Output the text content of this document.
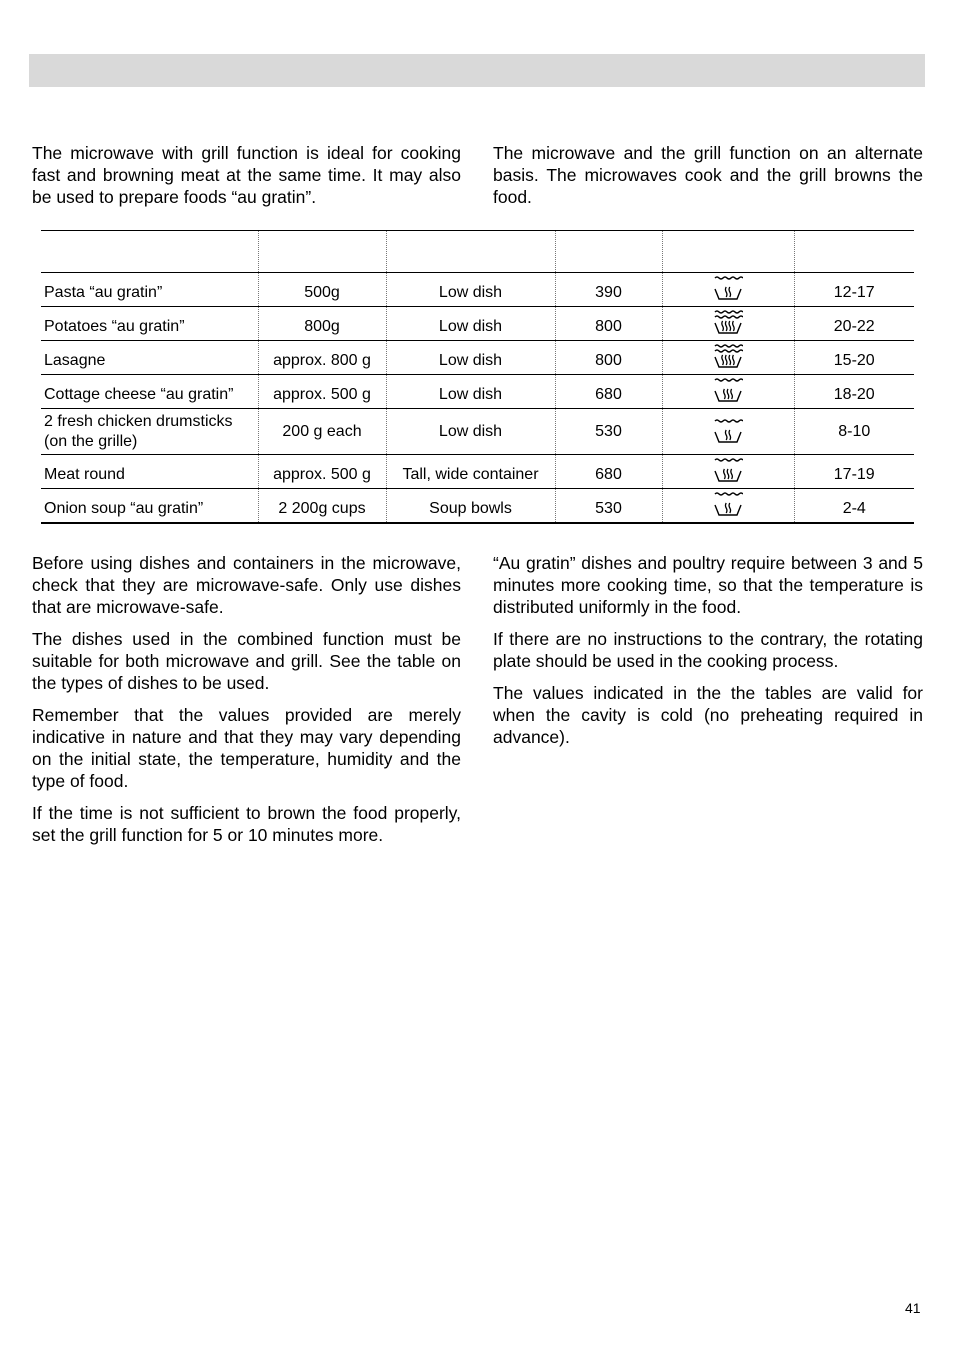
The microwave with grill function is ideal for cooking fast and browning meat at the same time. It may also be used to prepare foods “au gratin”.

The microwave and the grill function on an alternate basis. The microwaves cook and the grill browns the food.

Pasta “au gratin”	500g	Low dish	390		12-17
Potatoes “au gratin”	800g	Low dish	800		20-22
Lasagne	approx. 800 g	Low dish	800		15-20
Cottage cheese “au gratin”	approx. 500 g	Low dish	680		18-20
2 fresh chicken drumsticks (on the grille)	200 g each	Low dish	530		8-10
Meat round	approx. 500 g	Tall, wide container	680		17-19
Onion soup “au gratin”	2 200g cups	Soup bowls	530		2-4

Before using dishes and containers in the microwave, check that they are microwave-safe. Only use dishes that are microwave-safe.

The dishes used in the combined function must be suitable for both microwave and grill. See the table on the types of dishes to be used.

Remember that the values provided are merely indicative in nature and that they may vary depending on the initial state, the temperature, humidity and the type of food.

If the time is not sufficient to brown the food properly, set the grill function for 5 or 10 minutes more.

“Au gratin” dishes and poultry require between 3 and 5 minutes more cooking time, so that the temperature is distributed uniformly in the food.

If there are no instructions to the contrary, the rotating plate should be used in the cooking process.

The values indicated in the the tables are valid for when the cavity is cold (no preheating required in advance).

41
